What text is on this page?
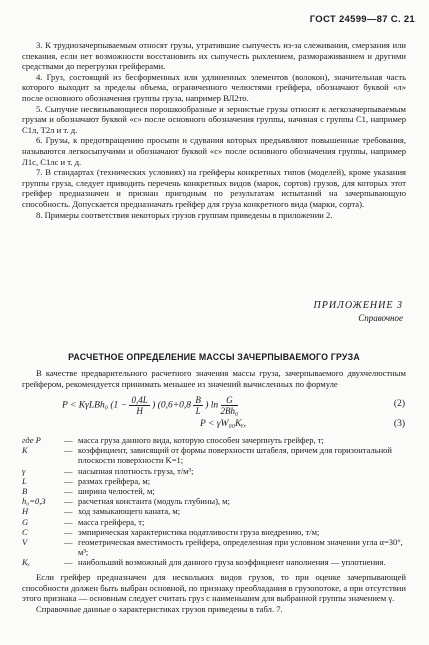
ГОСТ 24599—87 С. 21

3. К трудиозачерпываемым относят грузы, утратившие сыпучесть из-за слеживания, смерзания или спекания, если нет возможности восстановить их сыпучесть рыхлением, размораживанием и другими средствами до перегрузки грейферами.

4. Груз, состоящий из бесформенных или удлиненных элементов (волокон), значительная часть которого выходит за пределы объема, ограниченного челюстями грейфера, обозначают буквой «л» после основного обозначения группы груза, например ВЛ2то.

5. Сыпучие несвязывающиеся порошкообразные и зернистые грузы относят к легкозачерпываемым грузам и обозначают буквой «с» после основного обозначения группы, начиная с группы С1, например С1л, Т2л и т. д.

6. Грузы, к предотвращению просыпи и сдувания которых предъявляют повышенные требования, называются легкосыпучими и обозначают буквой «с» после основного обозначения группы, например Л1с, С1лс и т. д.

7. В стандартах (технических условиях) на грейферы конкретных типов (моделей), кроме указания группы груза, следует приводить перечень конкретных видов (марок, сортов) грузов, для которых этот грейфер предназначен и признан пригодным по результатам испытаний на зачерпывающую способность. Допускается предназначать грейфер для груза конкретного вида (марки, сорта).

8. Примеры соответствия некоторых грузов группам приведены в приложении 2.

ПРИЛОЖЕНИЕ 3
Справочное
РАСЧЕТНОЕ ОПРЕДЕЛЕНИЕ МАССЫ ЗАЧЕРПЫВАЕМОГО ГРУЗА

В качестве предварительного расчетного значения массы груза, зачерпываемого двухчелюстным грейфером, рекомендуется принимать меньшее из значений вычисленных по формуле

P < KγLBh₀ ($1 - \frac{0,4L}{H}$ ) ($0,6+0,8 \frac{B}{L}$ ) $\ln \frac{G}{\text{2Bh₀}}$	(2)
P < γW₀₀Kᵧ,	(3)
где P	— масса груза данного вида, которую способен зачерпнуть грейфер, т;
K	— коэффициент, зависящий от формы поверхности штабеля, причем для горизонтальной плоскости поверхности K=1;
γ	— насыпная плотность груза, т/м³;
L	— размах грейфера, м;
B	— ширина челюстей, м;
h₀=0,3	— расчетная константа (модуль глубины), м;
H	— ход замыкающего каната, м;
G	— масса грейфера, т;
C	— эмпирическая характеристика податливости груза внедрению, т/м;
V	— геометрическая вместимость грейфера, определенная при условном значении угла α=30°, м³;
Kᵧ	— наибольший возможный для данного груза коэффициент наполнения — уплотнения.

Если грейфер предназначен для нескольких видов грузов, то при оценке зачерпывающей способности должен быть выбран основной, по признаку преобладания в грузопотоке, а при отсутствии этого признака — основным следует считать груз с наименьшим для выбранной группы значением γ.

Справочные данные о характеристиках грузов приведены в табл. 7.
